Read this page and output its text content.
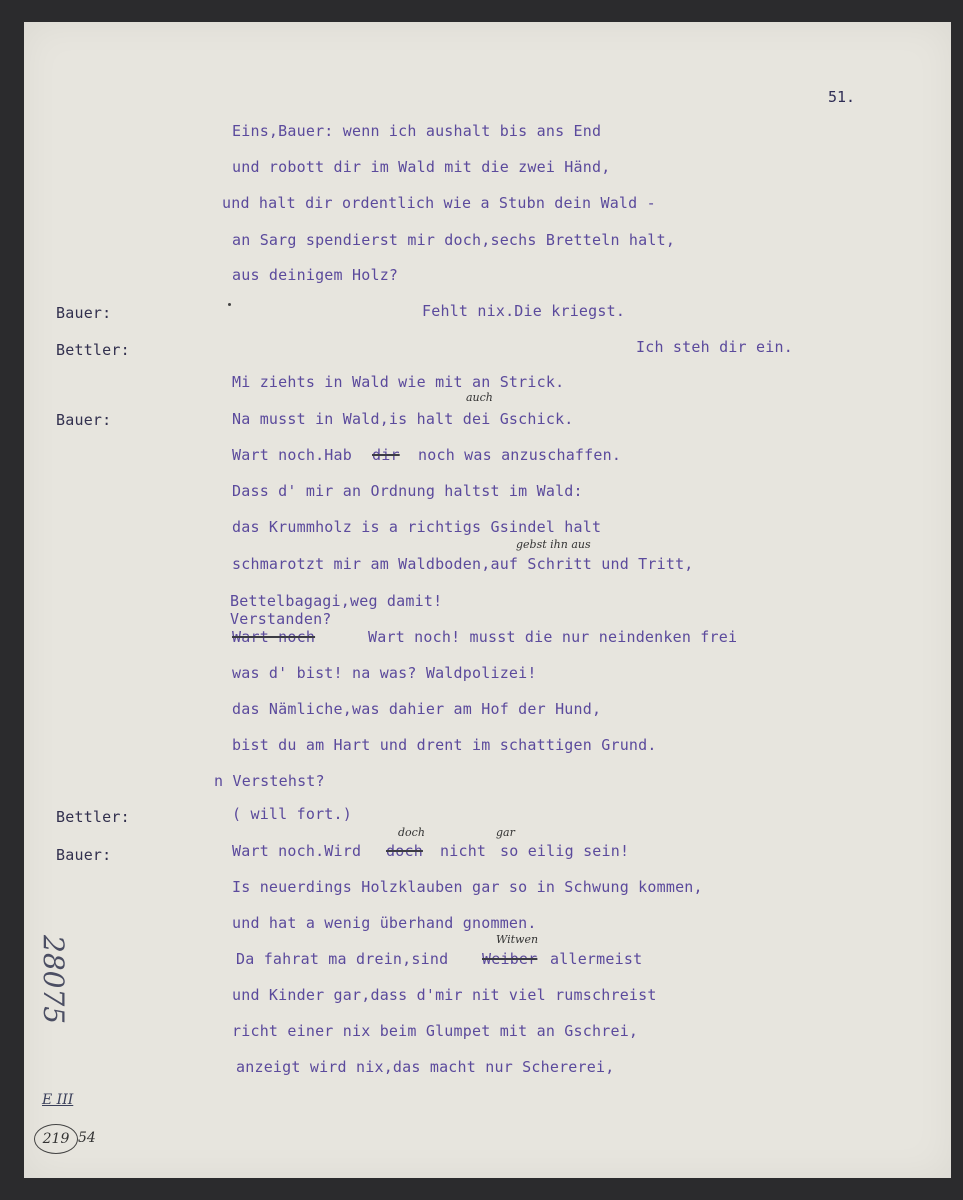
51.
Eins,Bauer: wenn ich aushalt bis ans End
und robott dir im Wald mit die zwei Händ,
und halt dir ordentlich wie a Stubn dein Wald -
an Sarg spendierst mir doch,sechs Bretteln halt,
aus deinigem Holz?
Bauer:	Fehlt nix.Die kriegst.
Bettler:	Ich steh dir ein.
Mi ziehts in Wald wie mit an Strick.
Bauer:
auch
Na musst in Wald,is halt dei Gschick.
Wart noch.Hab dir noch was anzuschaffen.
Dass d' mir an Ordnung haltst im Wald:
das Krummholz is a richtigs Gsindel halt
gebst ihn aus
schmarotzt mir am Waldboden,auf Schritt und Tritt,
Bettelbagagi,weg damit!
Verstanden?
Wart noch	Wart noch! musst die nur neindenken frei
was d' bist! na was? Waldpolizei!
das Nämliche,was dahier am Hof der Hund,
bist du am Hart und drent im schattigen Grund.
n Verstehst?
Bettler:	( will fort.)
Bauer:
doch	gar
Wart noch.Wird doch nicht so eilig sein!
Is neuerdings Holzklauben gar so in Schwung kommen,
und hat a wenig überhand gnommen.
Witwen
Da fahrat ma drein,sind Weiber allermeist
und Kinder gar,dass d'mir nit viel rumschreist
richt einer nix beim Glumpet mit an Gschrei,
anzeigt wird nix,das macht nur Schererei,
28075
E III
219 54
